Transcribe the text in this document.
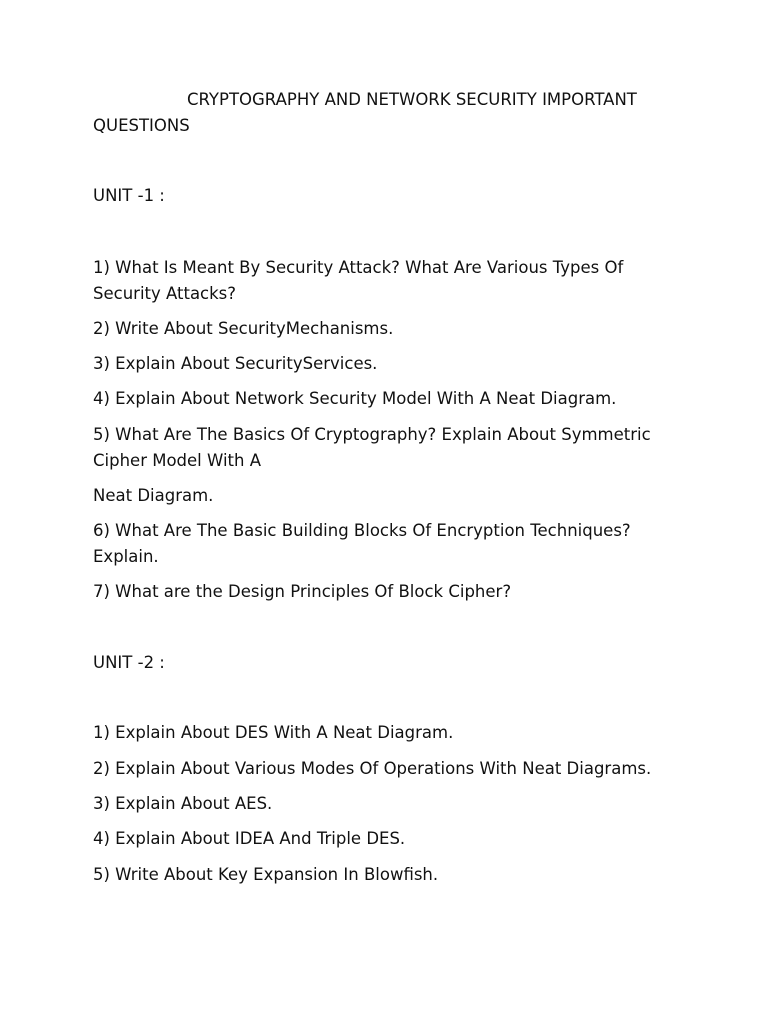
CRYPTOGRAPHY AND NETWORK SECURITY IMPORTANT
QUESTIONS
UNIT -1 :
1) What Is Meant By Security Attack? What Are Various Types Of
Security Attacks?
2) Write About SecurityMechanisms.
3) Explain About SecurityServices.
4) Explain About Network Security Model With A Neat Diagram.
5) What Are The Basics Of Cryptography? Explain About Symmetric
Cipher Model With A
Neat Diagram.
6) What Are The Basic Building Blocks Of Encryption Techniques?
Explain.
7) What are the Design Principles Of Block Cipher?
UNIT -2 :
1) Explain About DES With A Neat Diagram.
2) Explain About Various Modes Of Operations With Neat Diagrams.
3) Explain About AES.
4) Explain About IDEA And Triple DES.
5) Write About Key Expansion In Blowfish.
